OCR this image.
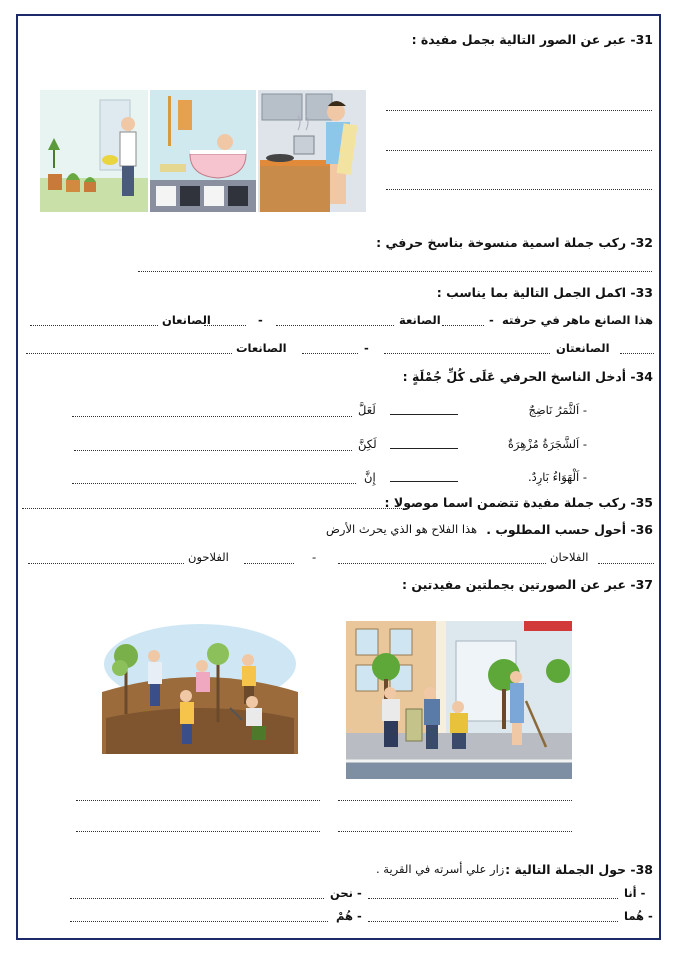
31- عبر عن الصور التالية بجمل مفيدة :
32- ركب جملة اسمية منسوخة بناسخ حرفي :
33- اكمل الجمل التالية بما يناسب :
هذا الصانع ماهر في حرفته
-
الصانعة
-
الصانعان
الصانعتان
-
الصانعات
34- أدخل الناسخ الحرفي عَلَى كُلِّ جُمْلَةٍ :
- اَلثَّمَرُ نَاضِجٌ
لَعَلَّ
- اَلشَّجَرَةُ مُزْهِرَةٌ
لَكِنَّ
- اَلْهَوَاءُ بَارِدٌ.
إِنَّ
35- ركب جملة مفيدة تتضمن اسما موصولا :
36- أحول حسب المطلوب .
هذا الفلاح هو الذي يحرث الأرض
الفلاحان
-
الفلاحون
37- عبر عن الصورتين بجملتين مفيدتين :
38- حول الجملة التالية :
زار علي أسرته في القرية .
- أنا
- نحن
- هُما
- هُمْ
